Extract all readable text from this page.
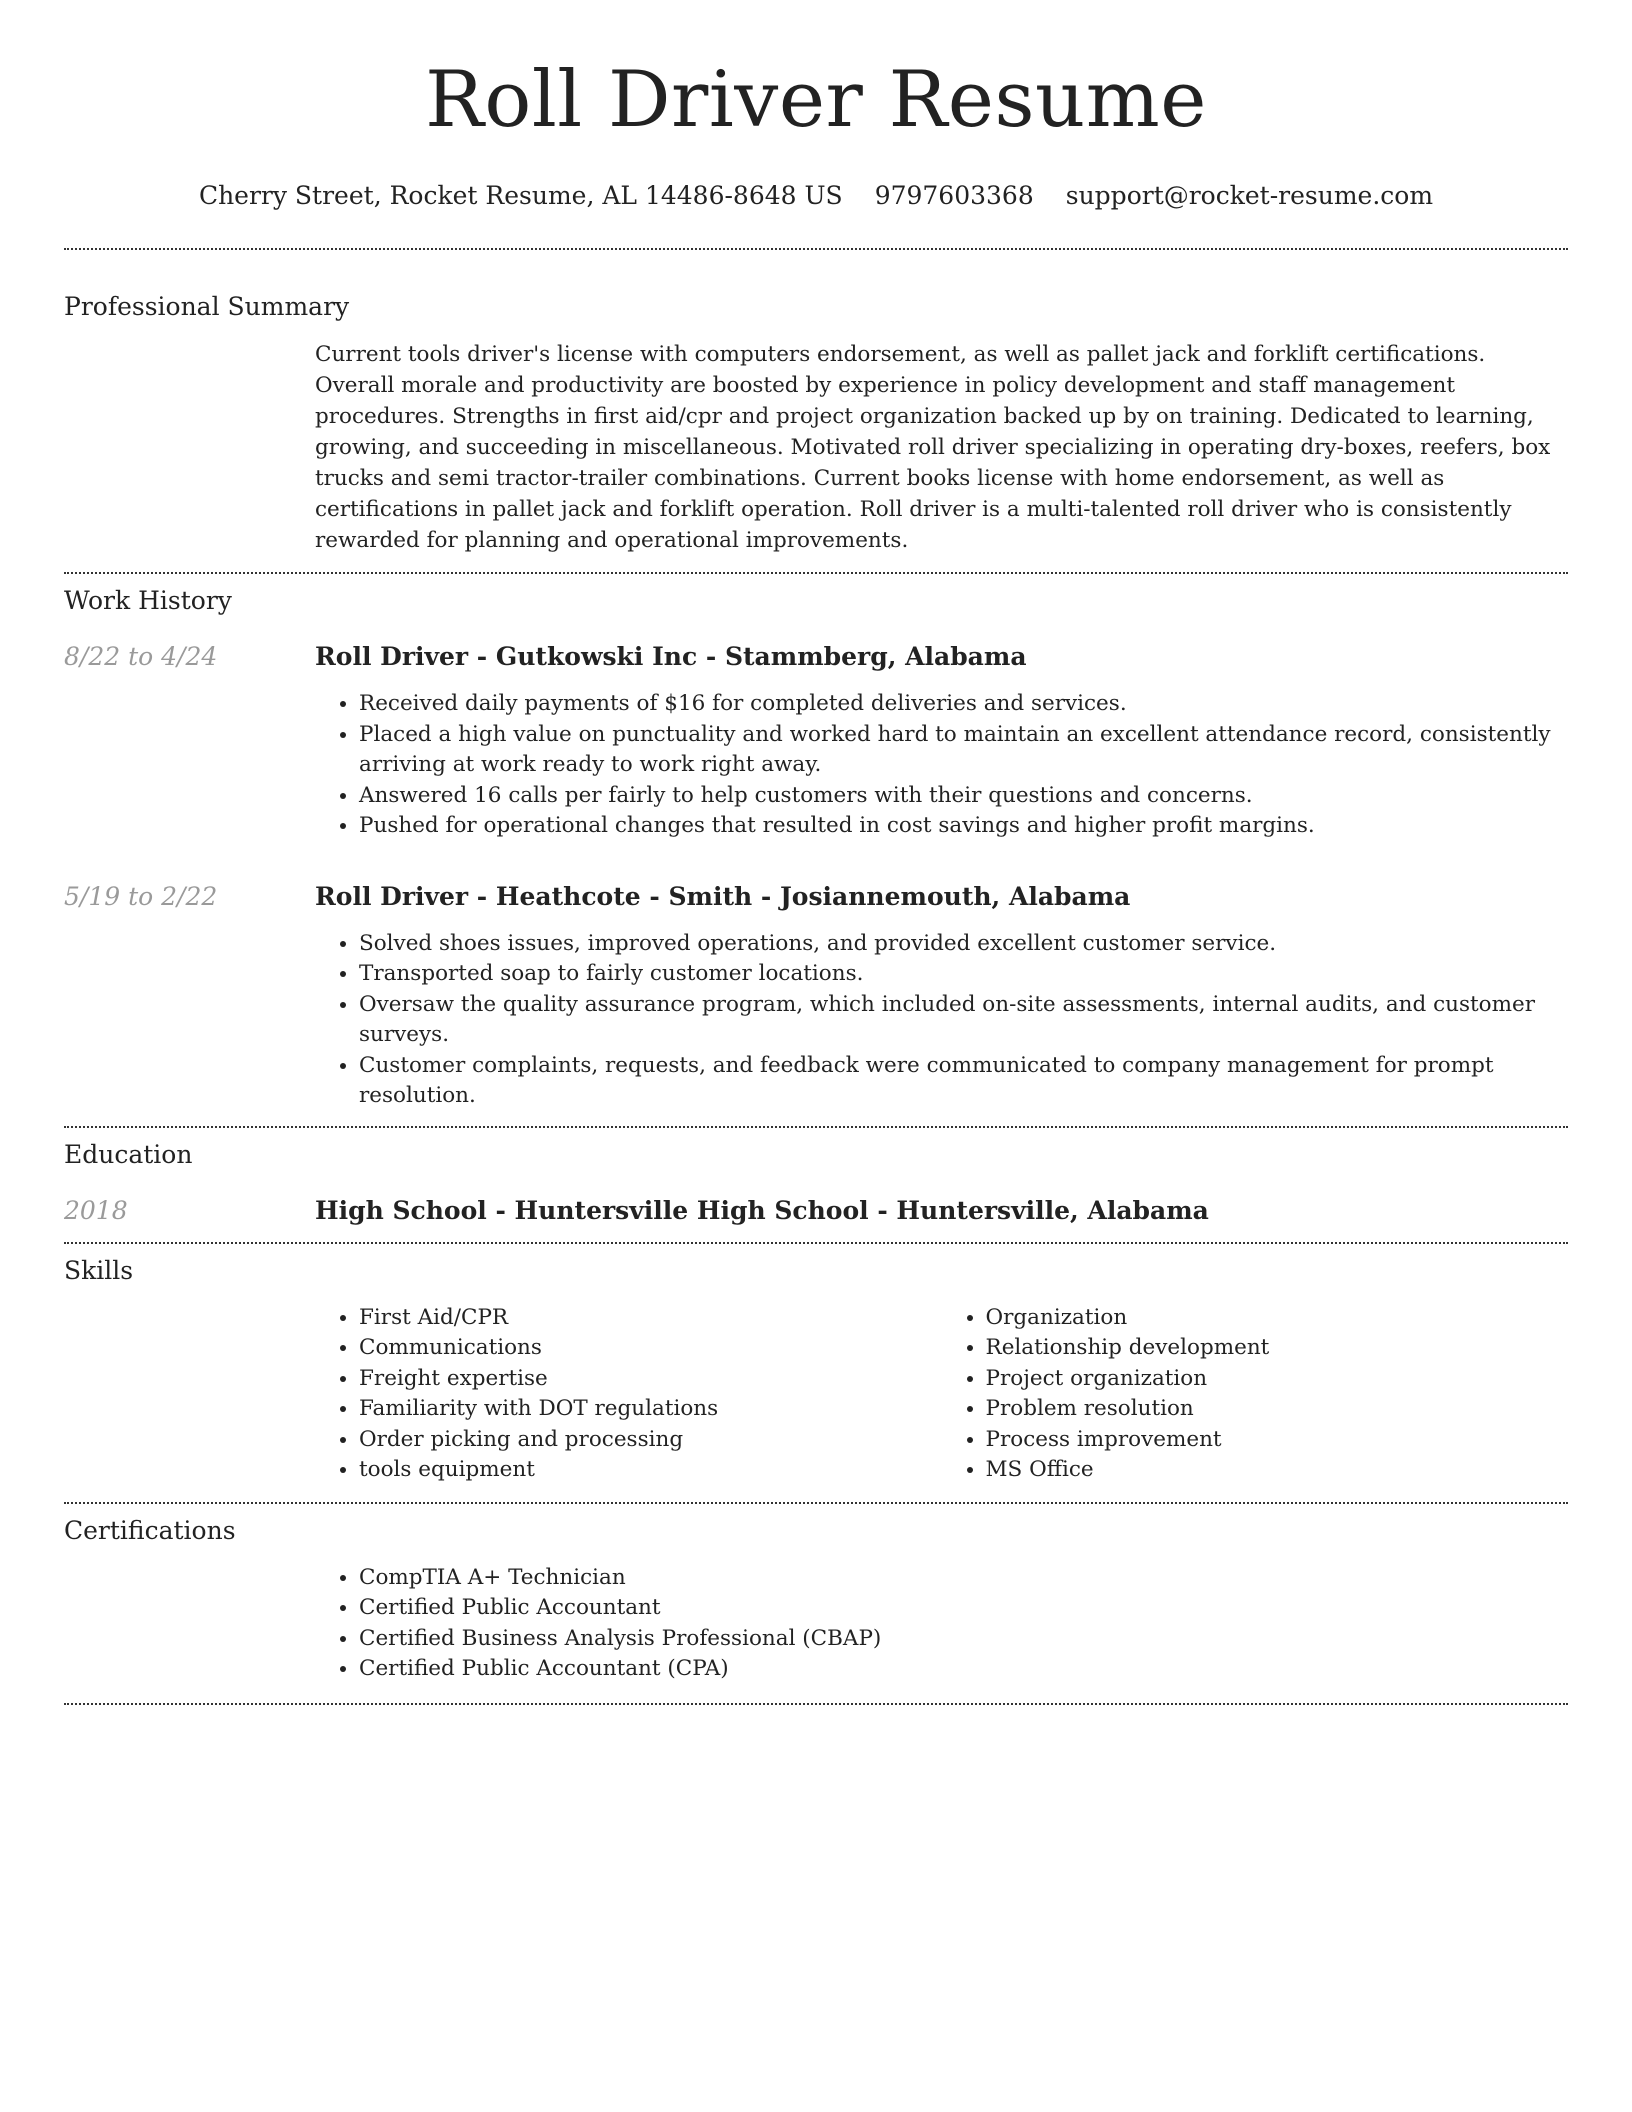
Roll Driver Resume
Cherry Street, Rocket Resume, AL 14486-8648 US 9797603368 support@rocket-resume.com
Professional Summary

Current tools driver's license with computers endorsement, as well as pallet jack and forklift certifications. Overall morale and productivity are boosted by experience in policy development and staff management procedures. Strengths in first aid/cpr and project organization backed up by on training. Dedicated to learning, growing, and succeeding in miscellaneous. Motivated roll driver specializing in operating dry-boxes, reefers, box trucks and semi tractor-trailer combinations. Current books license with home endorsement, as well as certifications in pallet jack and forklift operation. Roll driver is a multi-talented roll driver who is consistently rewarded for planning and operational improvements.

Work History
8/22 to 4/24	Roll Driver - Gutkowski Inc - Stammberg, Alabama
• Received daily payments of $16 for completed deliveries and services.
• Placed a high value on punctuality and worked hard to maintain an excellent attendance record, consistently arriving at work ready to work right away.
• Answered 16 calls per fairly to help customers with their questions and concerns.
• Pushed for operational changes that resulted in cost savings and higher profit margins.
5/19 to 2/22	Roll Driver - Heathcote - Smith - Josiannemouth, Alabama
• Solved shoes issues, improved operations, and provided excellent customer service.
• Transported soap to fairly customer locations.
• Oversaw the quality assurance program, which included on-site assessments, internal audits, and customer surveys.
• Customer complaints, requests, and feedback were communicated to company management for prompt resolution.
Education
2018	High School - Huntersville High School - Huntersville, Alabama
Skills
• First Aid/CPR
• Communications
• Freight expertise
• Familiarity with DOT regulations
• Order picking and processing
• tools equipment
• Organization
• Relationship development
• Project organization
• Problem resolution
• Process improvement
• MS Office
Certifications
• CompTIA A+ Technician
• Certified Public Accountant
• Certified Business Analysis Professional (CBAP)
• Certified Public Accountant (CPA)
